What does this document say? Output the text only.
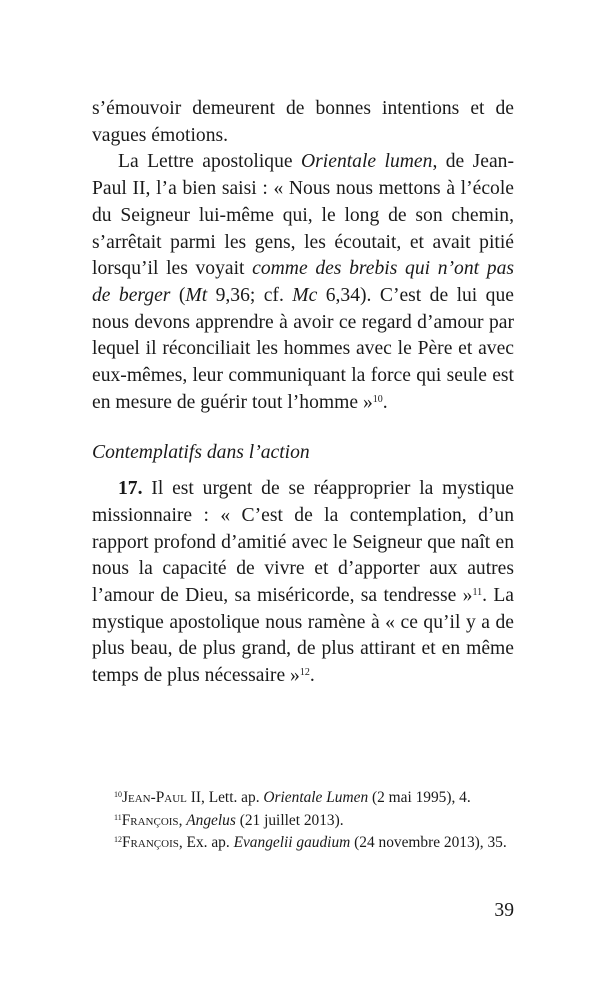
s’émouvoir demeurent de bonnes intentions et de vagues émotions.

La Lettre apostolique Orientale lumen, de Jean-Paul II, l’a bien saisi : « Nous nous mettons à l’école du Seigneur lui-même qui, le long de son chemin, s’arrêtait parmi les gens, les écoutait, et avait pitié lorsqu’il les voyait comme des brebis qui n’ont pas de berger (Mt 9,36; cf. Mc 6,34). C’est de lui que nous devons apprendre à avoir ce regard d’amour par lequel il réconciliait les hommes avec le Père et avec eux-mêmes, leur communiquant la force qui seule est en mesure de guérir tout l’homme »$^{10}$.

Contemplatifs dans l’action

17. Il est urgent de se réapproprier la mystique missionnaire : « C’est de la contemplation, d’un rapport profond d’amitié avec le Seigneur que naît en nous la capacité de vivre et d’apporter aux autres l’amour de Dieu, sa miséricorde, sa tendresse »$^{11}$. La mystique apostolique nous ramène à « ce qu’il y a de plus beau, de plus grand, de plus attirant et en même temps de plus nécessaire »$^{12}$.

$^{10}$Jean-Paul II, Lett. ap. Orientale Lumen (2 mai 1995), 4.

$^{11}$François, Angelus (21 juillet 2013).

$^{12}$François, Ex. ap. Evangelii gaudium (24 novembre 2013), 35.

39
